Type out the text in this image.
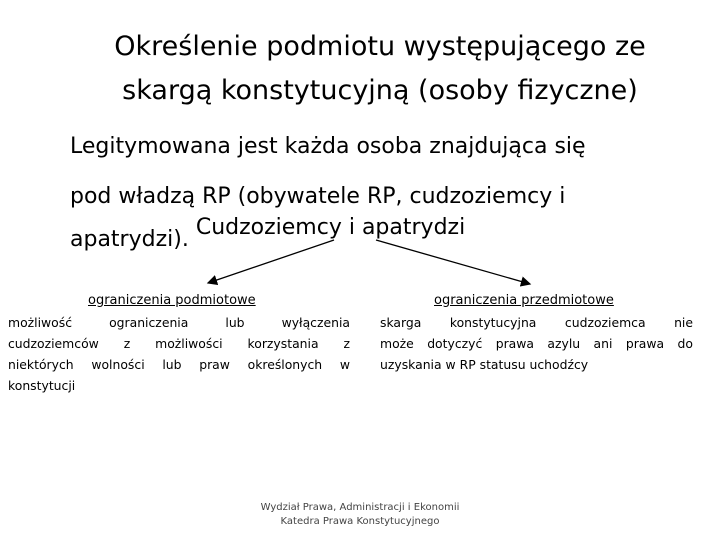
Określenie podmiotu występującego ze
skargą konstytucyjną (osoby fizyczne)
Legitymowana jest każda osoba znajdująca się
pod władzą RP (obywatele RP, cudzoziemcy i
apatrydzi). Cudzoziemcy i apatrydzi
ograniczenia podmiotowe
możliwość ograniczenia lub wyłączenia
cudzoziemców z możliwości korzystania z
niektórych wolności lub praw określonych w
konstytucji
ograniczenia przedmiotowe
skarga konstytucyjna cudzoziemca nie
może dotyczyć prawa azylu ani prawa do
uzyskania w RP statusu uchodźcy
Wydział Prawa, Administracji i Ekonomii
Katedra Prawa Konstytucyjnego
